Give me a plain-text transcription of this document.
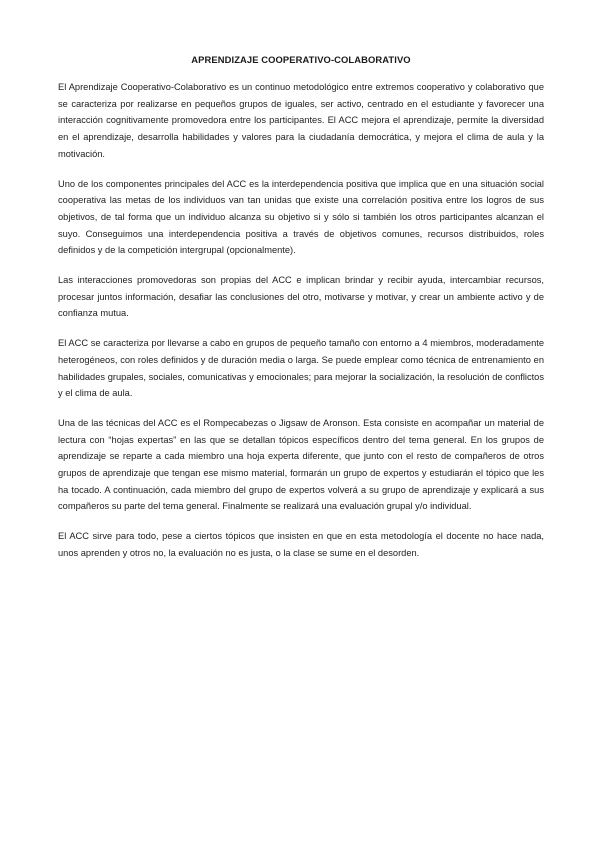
APRENDIZAJE COOPERATIVO-COLABORATIVO

El Aprendizaje Cooperativo-Colaborativo es un continuo metodológico entre extremos cooperativo y colaborativo que se caracteriza por realizarse en pequeños grupos de iguales, ser activo, centrado en el estudiante y favorecer una interacción cognitivamente promovedora entre los participantes. El ACC mejora el aprendizaje, permite la diversidad en el aprendizaje, desarrolla habilidades y valores para la ciudadanía democrática, y mejora el clima de aula y la motivación.

Uno de los componentes principales del ACC es la interdependencia positiva que implica que en una situación social cooperativa las metas de los individuos van tan unidas que existe una correlación positiva entre los logros de sus objetivos, de tal forma que un individuo alcanza su objetivo si y sólo si también los otros participantes alcanzan el suyo. Conseguimos una interdependencia positiva a través de objetivos comunes, recursos distribuidos, roles definidos y de la competición intergrupal (opcionalmente).

Las interacciones promovedoras son propias del ACC e implican brindar y recibir ayuda, intercambiar recursos, procesar juntos información, desafiar las conclusiones del otro, motivarse y motivar, y crear un ambiente activo y de confianza mutua.

El ACC se caracteriza por llevarse a cabo en grupos de pequeño tamaño con entorno a 4 miembros, moderadamente heterogéneos, con roles definidos y de duración media o larga. Se puede emplear como técnica de entrenamiento en habilidades grupales, sociales, comunicativas y emocionales; para mejorar la socialización, la resolución de conflictos y el clima de aula.

Una de las técnicas del ACC es el Rompecabezas o Jigsaw de Aronson. Esta consiste en acompañar un material de lectura con “hojas expertas” en las que se detallan tópicos específicos dentro del tema general. En los grupos de aprendizaje se reparte a cada miembro una hoja experta diferente, que junto con el resto de compañeros de otros grupos de aprendizaje que tengan ese mismo material, formarán un grupo de expertos y estudiarán el tópico que les ha tocado. A continuación, cada miembro del grupo de expertos volverá a su grupo de aprendizaje y explicará a sus compañeros su parte del tema general. Finalmente se realizará una evaluación grupal y/o individual.

El ACC sirve para todo, pese a ciertos tópicos que insisten en que en esta metodología el docente no hace nada, unos aprenden y otros no, la evaluación no es justa, o la clase se sume en el desorden.
